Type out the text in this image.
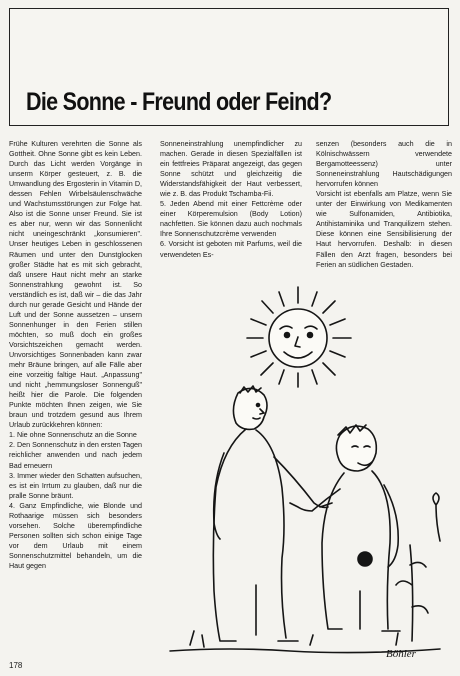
Die Sonne - Freund oder Feind?

Frühe Kulturen verehrten die Sonne als Gottheit. Ohne Sonne gibt es kein Leben. Durch das Licht werden Vorgänge in unserm Körper gesteuert, z. B. die Umwandlung des Ergosterin in Vitamin D, dessen Fehlen Wirbelsäulenschwäche und Wachstumsstörungen zur Folge hat. Also ist die Sonne unser Freund. Sie ist es aber nur, wenn wir das Sonnenlicht nicht uneingeschränkt „konsumieren". Unser heutiges Leben in geschlossenen Räumen und unter den Dunstglocken großer Städte hat es mit sich gebracht, daß unsere Haut nicht mehr an starke Sonnenstrahlung gewohnt ist. So verständlich es ist, daß wir – die das Jahr durch nur gerade Gesicht und Hände der Luft und der Sonne aussetzen – unsern Sonnenhunger in den Ferien stillen möchten, so muß doch ein großes Vorsichtszeichen gemacht werden. Unvorsichtiges Sonnenbaden kann zwar mehr Bräune bringen, auf alle Fälle aber eine vorzeitig faltige Haut. „Anpassung" und nicht „hemmungsloser Sonnenguß" heißt hier die Parole. Die folgenden Punkte möchten Ihnen zeigen, wie Sie braun und trotzdem gesund aus Ihrem Urlaub zurückkehren können:

1. Nie ohne Sonnenschutz an die Sonne

2. Den Sonnenschutz in den ersten Tagen reichlicher anwenden und nach jedem Bad erneuern

3. Immer wieder den Schatten aufsuchen, es ist ein Irrtum zu glauben, daß nur die pralle Sonne bräunt.

4. Ganz Empfindliche, wie Blonde und Rothaarige müssen sich besonders vorsehen. Solche überempfindliche Personen sollten sich schon einige Tage vor dem Urlaub mit einem Sonnenschutzmittel behandeln, um die Haut gegen

Sonneneinstrahlung unempfindlicher zu machen. Gerade in diesen Spezialfällen ist ein fettfreies Präparat angezeigt, das gegen Sonne schützt und gleichzeitig die Widerstandsfähigkeit der Haut verbessert, wie z. B. das Produkt Tschamba-Fii.

5. Jeden Abend mit einer Fettcrème oder einer Körperemulsion (Body Lotion) nachfetten. Sie können dazu auch nochmals Ihre Sonnenschutzcrème verwenden

6. Vorsicht ist geboten mit Parfums, weil die verwendeten Es-

senzen (besonders auch die in Kölnischwässern verwendete Bergamotteessenz) unter Sonneneinstrahlung Hautschädigungen hervorrufen können

Vorsicht ist ebenfalls am Platze, wenn Sie unter der Einwirkung von Medikamenten wie Sulfonamiden, Antibiotika, Antihistaminika und Tranquilizern stehen. Diese können eine Sensibilisierung der Haut hervorrufen. Deshalb: in diesen Fällen den Arzt fragen, besonders bei Ferien an südlichen Gestaden.

Böhler
178
